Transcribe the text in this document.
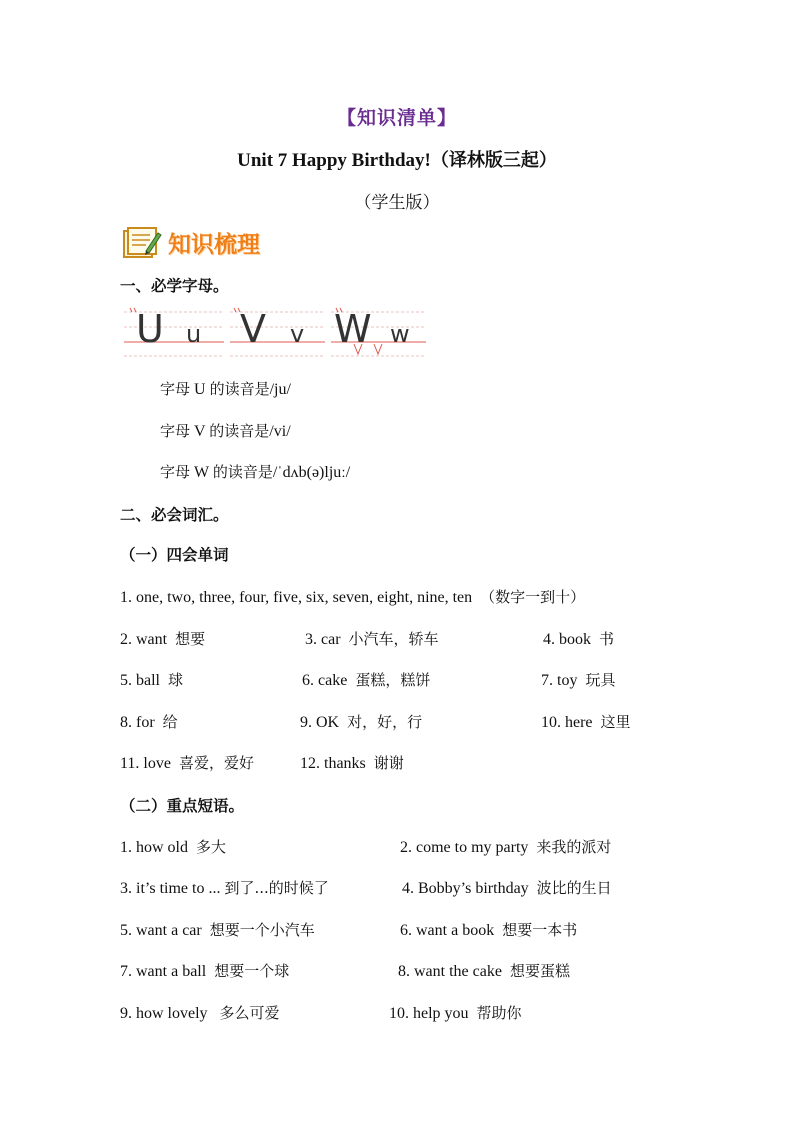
【知识清单】
Unit 7 Happy Birthday!（译林版三起）
（学生版）
知识梳理
一、必学字母。
U u V v W w
字母 U 的读音是/ju/
字母 V 的读音是/vi/
字母 W 的读音是/ˈdʌb(ə)ljuː/
二、必会词汇。
（一）四会单词
1. one, two, three, four, five, six, seven, eight, nine, ten （数字一到十）
2. want 想要	3. car 小汽车，轿车	4. book 书
5. ball 球	6. cake 蛋糕，糕饼	7. toy 玩具
8. for 给	9. OK 对，好，行	10. here 这里
11. love 喜爱，爱好	12. thanks 谢谢
（二）重点短语。
1. how old 多大	2. come to my party 来我的派对
3. it’s time to ... 到了...的时候了	4. Bobby’s birthday 波比的生日
5. want a car 想要一个小汽车	6. want a book 想要一本书
7. want a ball 想要一个球	8. want the cake 想要蛋糕
9. how lovely 多么可爱	10. help you 帮助你
